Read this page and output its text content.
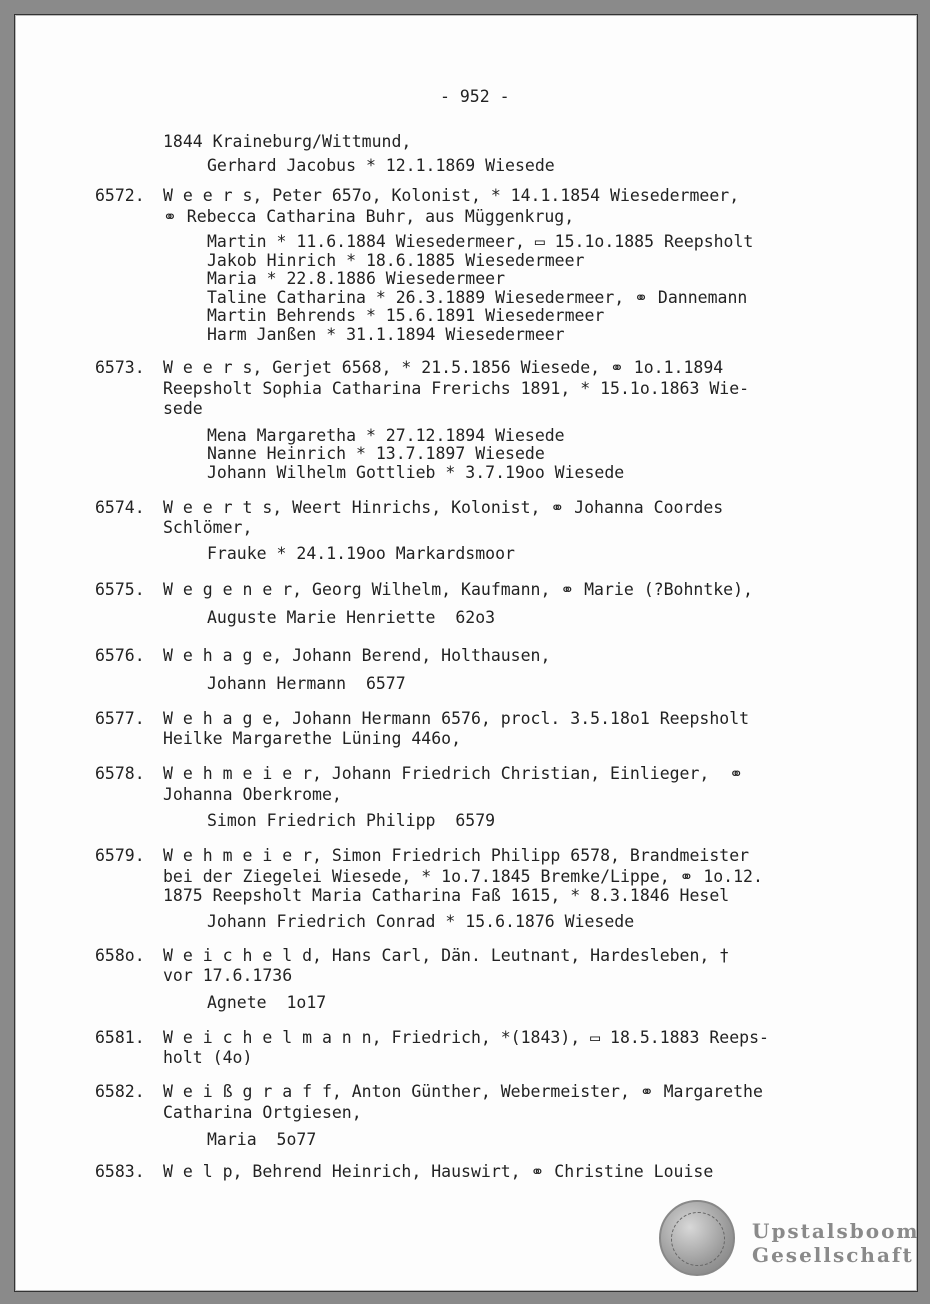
- 952 -
1844 Kraineburg/Wittmund,
Gerhard Jacobus * 12.1.1869 Wiesede
6572. W e e r s, Peter 657o, Kolonist, * 14.1.1854 Wiesedermeer,
⚭ Rebecca Catharina Buhr, aus Müggenkrug,
Martin * 11.6.1884 Wiesedermeer, ▭ 15.1o.1885 Reepsholt
Jakob Hinrich * 18.6.1885 Wiesedermeer
Maria * 22.8.1886 Wiesedermeer
Taline Catharina * 26.3.1889 Wiesedermeer, ⚭ Dannemann
Martin Behrends * 15.6.1891 Wiesedermeer
Harm Janßen * 31.1.1894 Wiesedermeer
6573. W e e r s, Gerjet 6568, * 21.5.1856 Wiesede, ⚭ 1o.1.1894
Reepsholt Sophia Catharina Frerichs 1891, * 15.1o.1863 Wie-
sede
Mena Margaretha * 27.12.1894 Wiesede
Nanne Heinrich * 13.7.1897 Wiesede
Johann Wilhelm Gottlieb * 3.7.19oo Wiesede
6574. W e e r t s, Weert Hinrichs, Kolonist, ⚭ Johanna Coordes
Schlömer,
Frauke * 24.1.19oo Markardsmoor
6575. W e g e n e r, Georg Wilhelm, Kaufmann, ⚭ Marie (?Bohntke),
Auguste Marie Henriette  62o3
6576. W e h a g e, Johann Berend, Holthausen,
Johann Hermann  6577
6577. W e h a g e, Johann Hermann 6576, procl. 3.5.18o1 Reepsholt
Heilke Margarethe Lüning 446o,
6578. W e h m e i e r, Johann Friedrich Christian, Einlieger,  ⚭
Johanna Oberkrome,
Simon Friedrich Philipp  6579
6579. W e h m e i e r, Simon Friedrich Philipp 6578, Brandmeister
bei der Ziegelei Wiesede, * 1o.7.1845 Bremke/Lippe, ⚭ 1o.12.
1875 Reepsholt Maria Catharina Faß 1615, * 8.3.1846 Hesel
Johann Friedrich Conrad * 15.6.1876 Wiesede
658o. W e i c h e l d, Hans Carl, Dän. Leutnant, Hardesleben, †
vor 17.6.1736
Agnete  1o17
6581. W e i c h e l m a n n, Friedrich, *(1843), ▭ 18.5.1883 Reeps-
holt (4o)
6582. W e i ß g r a f f, Anton Günther, Webermeister, ⚭ Margarethe
Catharina Ortgiesen,
Maria  5o77
6583. W e l p, Behrend Heinrich, Hauswirt, ⚭ Christine Louise
Upstalsboom
Gesellschaft
